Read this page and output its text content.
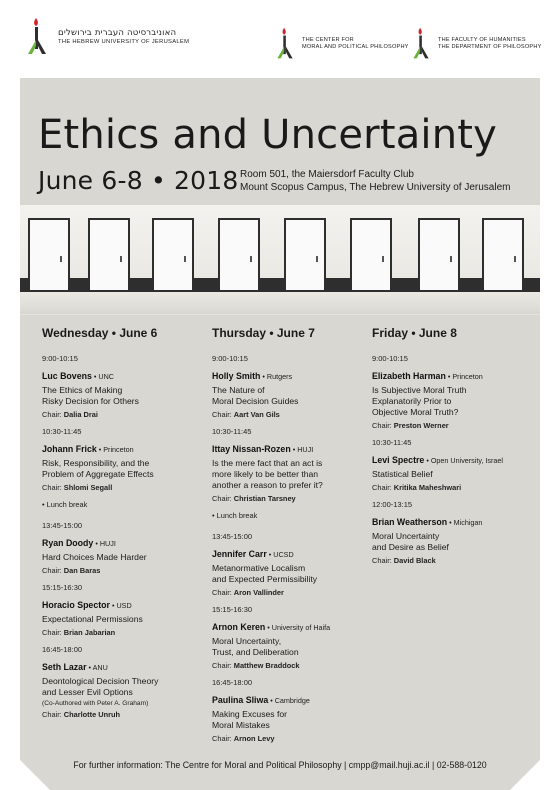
האוניברסיטה העברית בירושלים
THE HEBREW UNIVERSITY OF JERUSALEM	THE CENTER FOR
MORAL AND POLITICAL PHILOSOPHY
THE FACULTY OF HUMANITIES
THE DEPARTMENT OF PHILOSOPHY
Ethics and Uncertainty
June 6-8 • 2018 Room 501, the Maiersdorf Faculty Club
Mount Scopus Campus, The Hebrew University of Jerusalem
Wednesday • June 6
9:00-10:15
Luc Bovens • UNC
The Ethics of Making
Risky Decision for Others
Chair: Dalia Drai
10:30-11:45
Johann Frick • Princeton
Risk, Responsibility, and the
Problem of Aggregate Effects
Chair: Shlomi Segall
• Lunch break
13:45-15:00
Ryan Doody • HUJI
Hard Choices Made Harder
Chair: Dan Baras
15:15-16:30
Horacio Spector • USD
Expectational Permissions
Chair: Brian Jabarian
16:45-18:00
Seth Lazar • ANU
Deontological Decision Theory
and Lesser Evil Options
(Co-Authored with Peter A. Graham)
Chair: Charlotte Unruh
Thursday • June 7
9:00-10:15
Holly Smith • Rutgers
The Nature of
Moral Decision Guides
Chair: Aart Van Gils
10:30-11:45
Ittay Nissan-Rozen • HUJI
Is the mere fact that an act is
more likely to be better than
another a reason to prefer it?
Chair: Christian Tarsney
• Lunch break
13:45-15:00
Jennifer Carr • UCSD
Metanormative Localism
and Expected Permissibility
Chair: Aron Vallinder
15:15-16:30
Arnon Keren • University of Haifa
Moral Uncertainty,
Trust, and Deliberation
Chair: Matthew Braddock
16:45-18:00
Paulina Sliwa • Cambridge
Making Excuses for
Moral Mistakes
Chair: Arnon Levy
Friday • June 8
9:00-10:15
Elizabeth Harman • Princeton
Is Subjective Moral Truth
Explanatorily Prior to
Objective Moral Truth?
Chair: Preston Werner
10:30-11:45
Levi Spectre • Open University, Israel
Statistical Belief
Chair: Kritika Maheshwari
12:00-13:15
Brian Weatherson • Michigan
Moral Uncertainty
and Desire as Belief
Chair: David Black
For further information: The Centre for Moral and Political Philosophy | cmpp@mail.huji.ac.il | 02-588-0120
